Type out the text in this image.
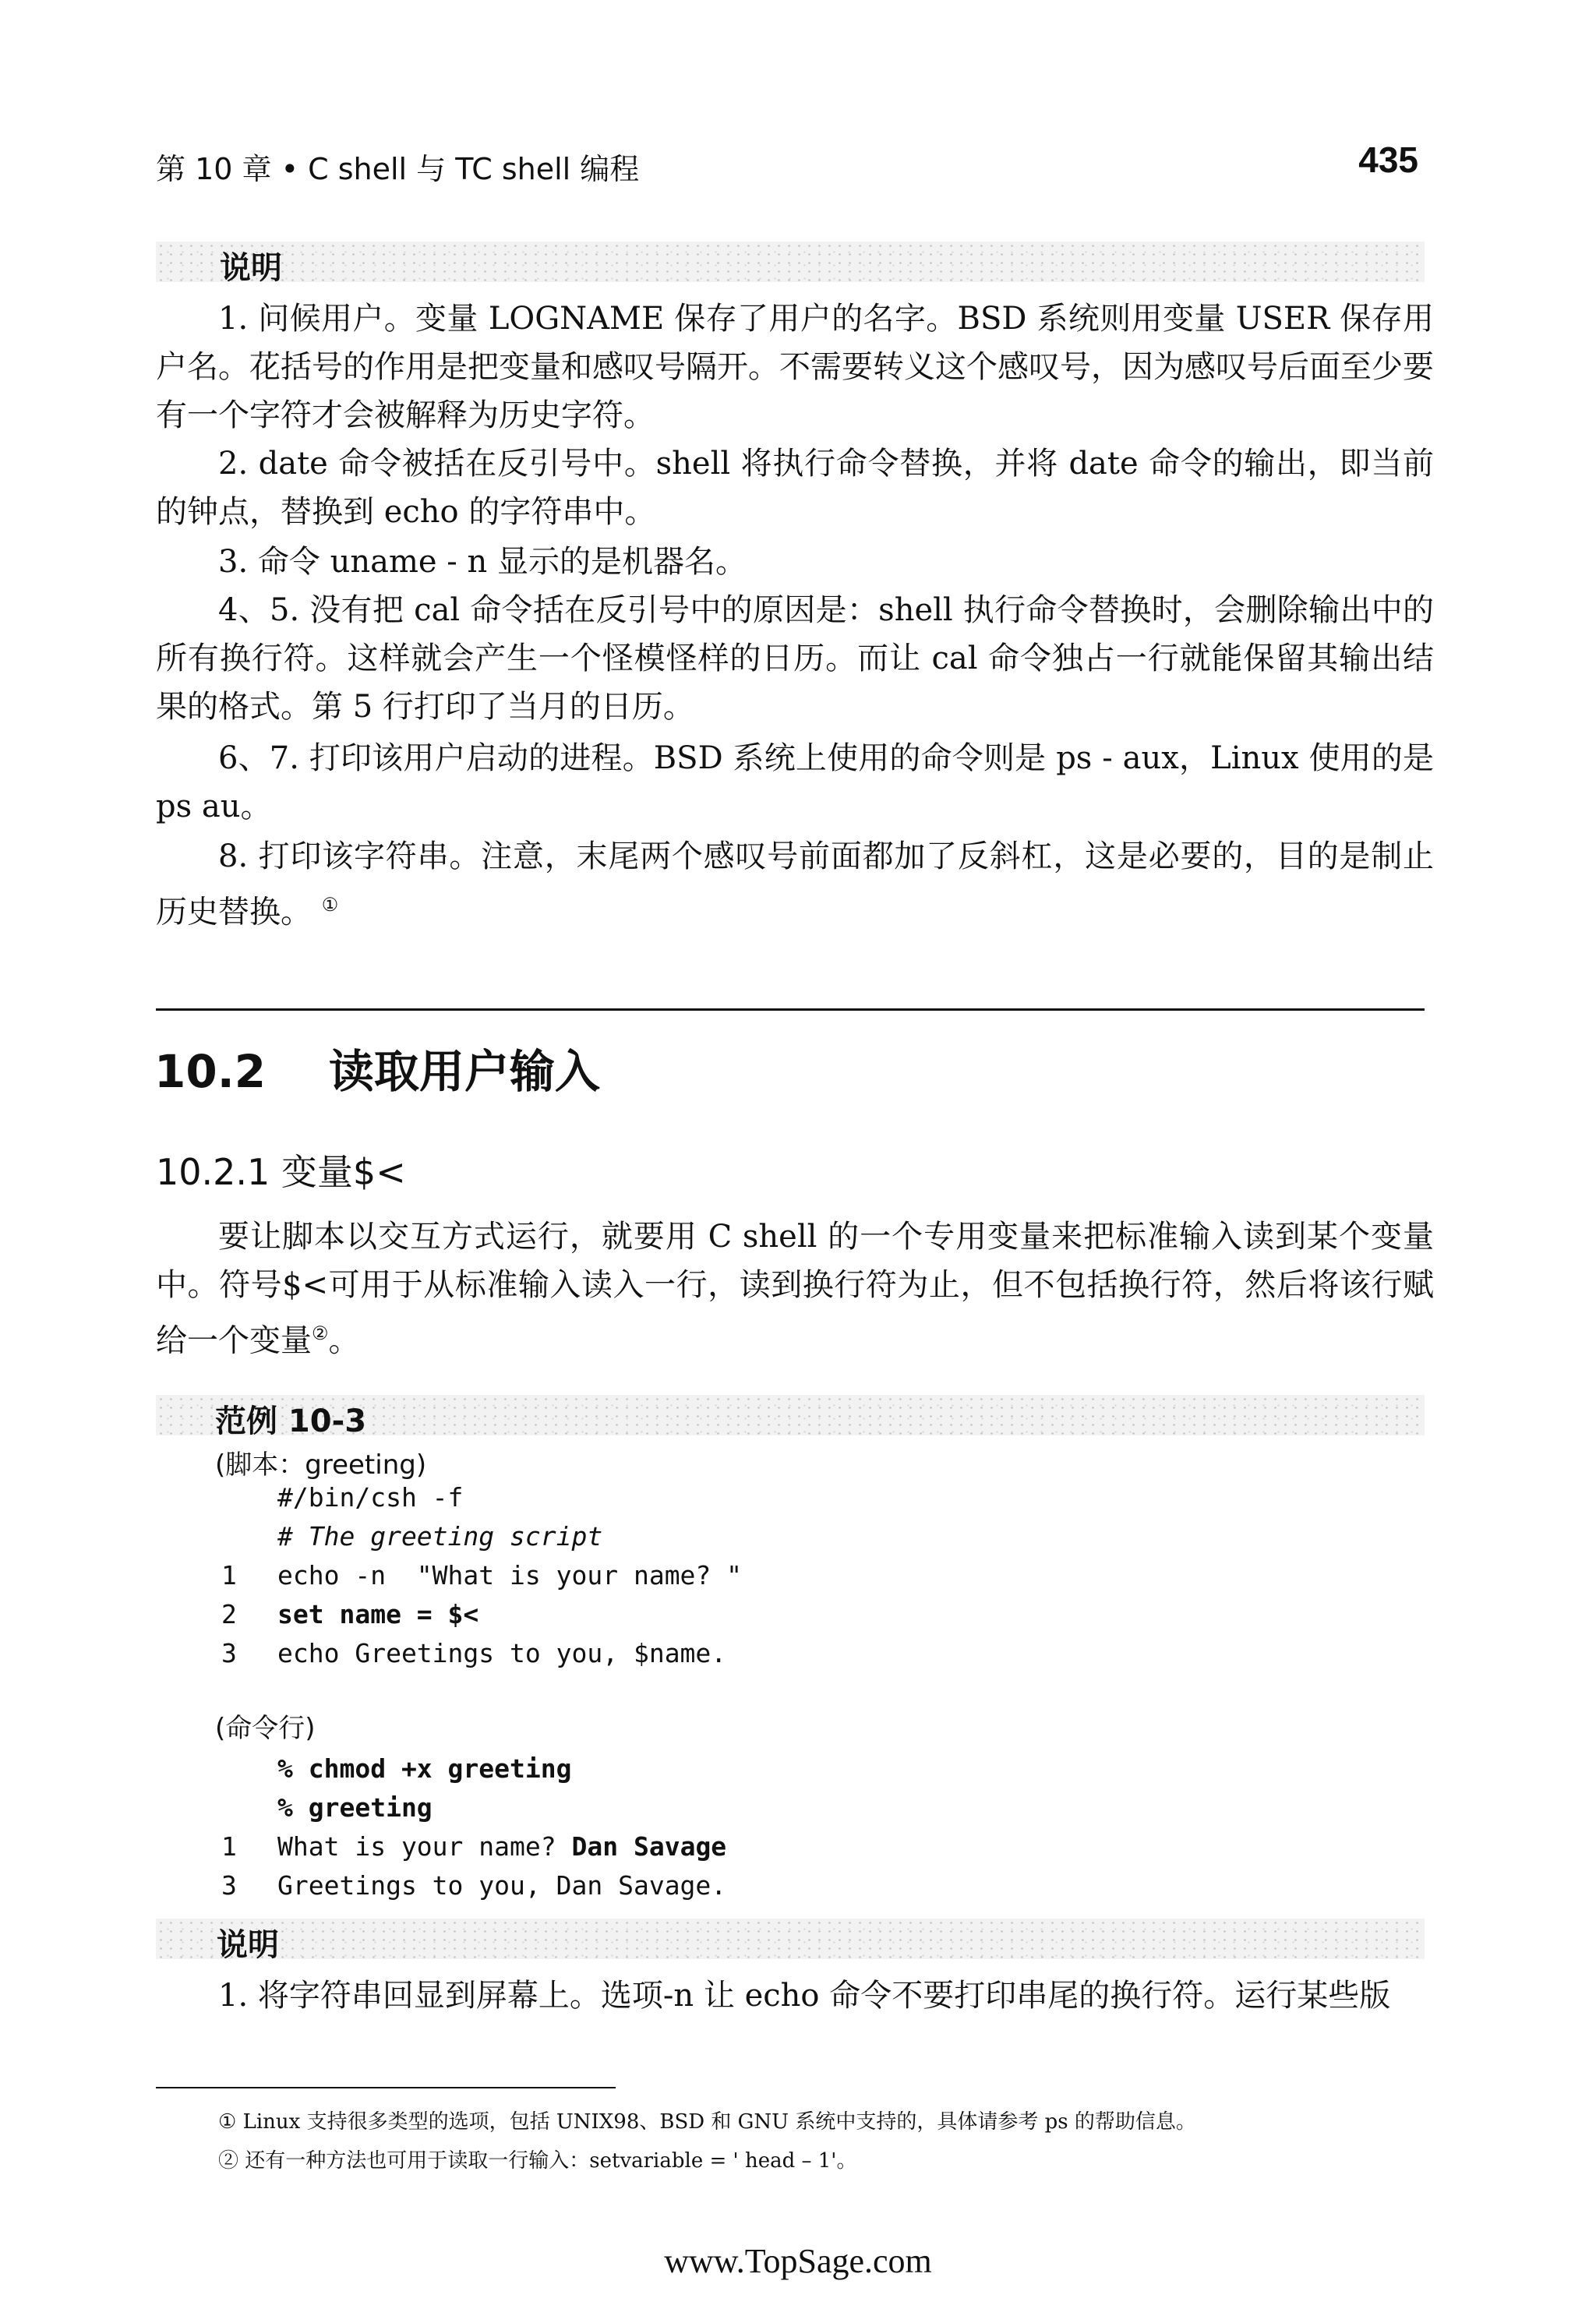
第 10 章 • C shell 与 TC shell 编程	435
说明

1. 问候用户。变量 LOGNAME 保存了用户的名字。BSD 系统则用变量 USER 保存用户名。花括号的作用是把变量和感叹号隔开。不需要转义这个感叹号，因为感叹号后面至少要有一个字符才会被解释为历史字符。

2. date 命令被括在反引号中。shell 将执行命令替换，并将 date 命令的输出，即当前的钟点，替换到 echo 的字符串中。

3. 命令 uname - n 显示的是机器名。

4、5. 没有把 cal 命令括在反引号中的原因是：shell 执行命令替换时，会删除输出中的所有换行符。这样就会产生一个怪模怪样的日历。而让 cal 命令独占一行就能保留其输出结果的格式。第 5 行打印了当月的日历。

6、7. 打印该用户启动的进程。BSD 系统上使用的命令则是 ps - aux，Linux 使用的是 ps au。

8. 打印该字符串。注意，末尾两个感叹号前面都加了反斜杠，这是必要的，目的是制止历史替换。 ①

10.2 读取用户输入
10.2.1 变量$<

要让脚本以交互方式运行，就要用 C shell 的一个专用变量来把标准输入读到某个变量中。符号$<可用于从标准输入读入一行，读到换行符为止，但不包括换行符，然后将该行赋给一个变量②。

范例 10-3
(脚本：greeting)
#/bin/csh -f
# The greeting script
1 echo -n  "What is your name? "
2 set name = $<
3 echo Greetings to you, $name.
(命令行)
% chmod +x greeting
% greeting
1 What is your name? Dan Savage
3 Greetings to you, Dan Savage.
说明

1. 将字符串回显到屏幕上。选项-n 让 echo 命令不要打印串尾的换行符。运行某些版

① Linux 支持很多类型的选项，包括 UNIX98、BSD 和 GNU 系统中支持的，具体请参考 ps 的帮助信息。
② 还有一种方法也可用于读取一行输入：setvariable = ' head – 1'。
www.TopSage.com
